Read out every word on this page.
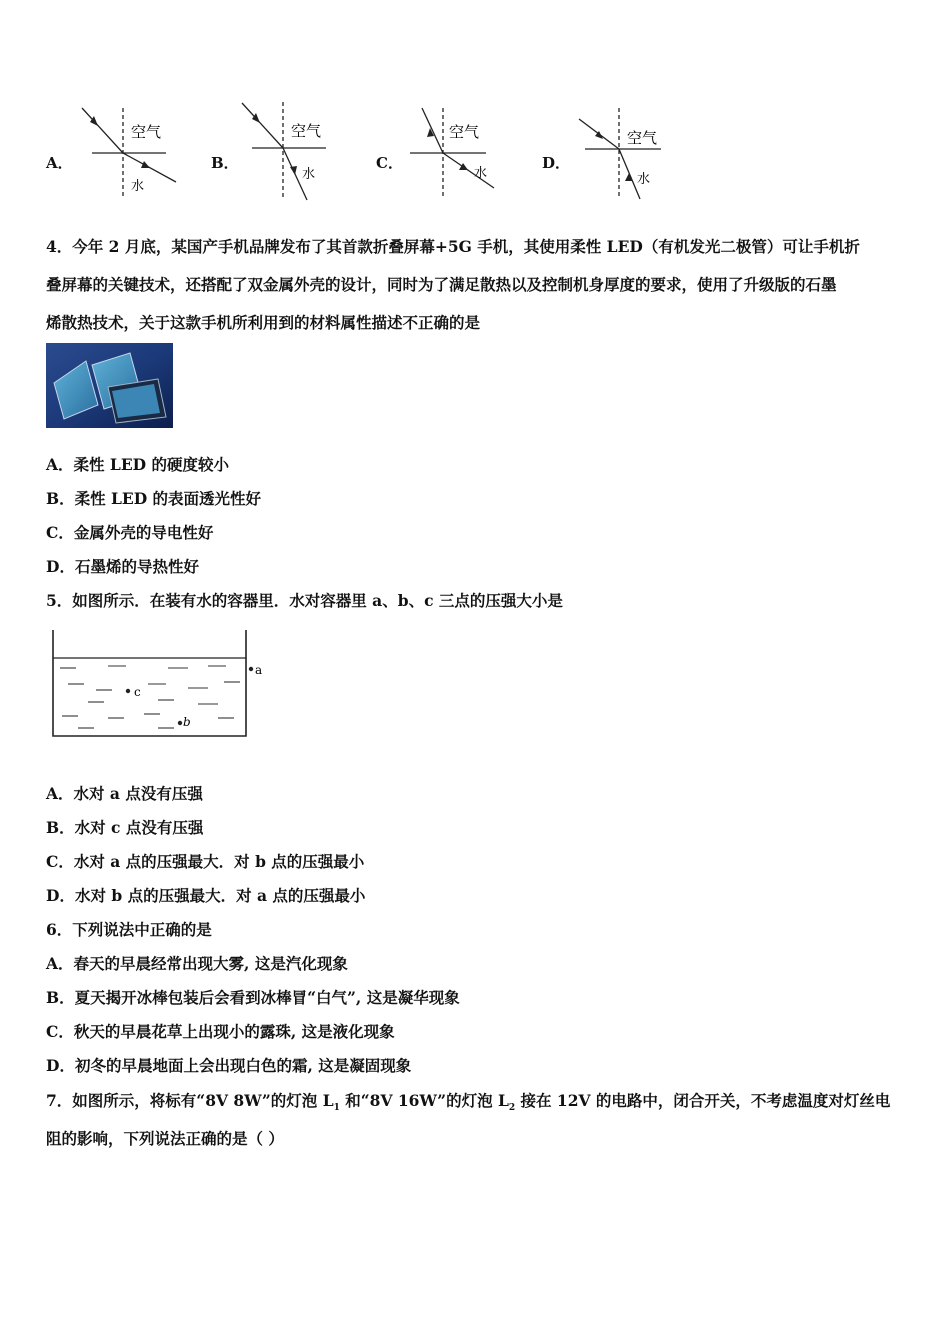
A．
空气
水
B．
空气
水
C．
空气
水
D．
空气
水
4．今年 2 月底，某国产手机品牌发布了其首款折叠屏幕+5G 手机，其使用柔性 LED（有机发光二极管）可让手机折
叠屏幕的关键技术，还搭配了双金属外壳的设计，同时为了满足散热以及控制机身厚度的要求，使用了升级版的石墨
烯散热技术，关于这款手机所利用到的材料属性描述不正确的是
A．柔性 LED 的硬度较小
B．柔性 LED 的表面透光性好
C．金属外壳的导电性好
D．石墨烯的导热性好
5．如图所示．在装有水的容器里．水对容器里 a、b、c 三点的压强大小是
a
c
b
A．水对 a 点没有压强
B．水对 c 点没有压强
C．水对 a 点的压强最大．对 b 点的压强最小
D．水对 b 点的压强最大．对 a 点的压强最小
6．下列说法中正确的是
A．春天的早晨经常出现大雾, 这是汽化现象
B．夏天揭开冰棒包装后会看到冰棒冒“白气”, 这是凝华现象
C．秋天的早晨花草上出现小的露珠, 这是液化现象
D．初冬的早晨地面上会出现白色的霜, 这是凝固现象
7．如图所示，将标有“8V 8W”的灯泡 $L_1$ 和“8V 16W”的灯泡 $L_2$ 接在 12V 的电路中，闭合开关，不考虑温度对灯丝电
阻的影响，下列说法正确的是（ ）
